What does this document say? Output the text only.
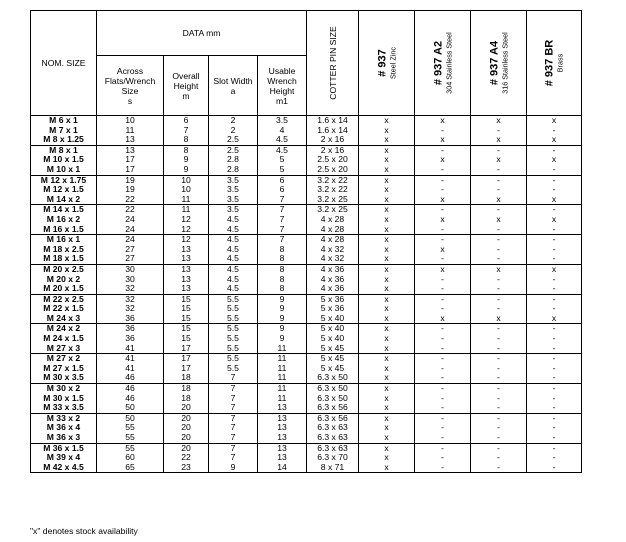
NOM. SIZE	DATA mm				COTTER PIN SIZE	# 937 Steel Zinc	# 937 A2 304 Stainless Steel	# 937 A4 316 Stainless Steel	# 937 BR Brass

	Across
Flats/Wrench
Size
s	Overall
Height
m	Slot Width
a	Usable
Wrench
Height
m1					
M 6 x 1	10	6	2	3.5	1.6 x 14	x	x	x	x
M 7 x 1	11	7	2	4	1.6 x 14	x	-	-	-
M 8 x 1.25	13	8	2.5	4.5	2 x 16	x	x	x	x
M 8 x 1	13	8	2.5	4.5	2 x 16	x	-	-	-
M 10 x 1.5	17	9	2.8	5	2.5 x 20	x	x	x	x
M 10 x 1	17	9	2.8	5	2.5 x 20	x	-	-	-
M 12 x 1.75	19	10	3.5	6	3.2 x 22	x	-	-	-
M 12 x 1.5	19	10	3.5	6	3.2 x 22	x	-	-	-
M 14 x 2	22	11	3.5	7	3.2 x 25	x	x	x	x
M 14 x 1.5	22	11	3.5	7	3.2 x 25	x	-	-	-
M 16 x 2	24	12	4.5	7	4 x 28	x	x	x	x
M 16 x 1.5	24	12	4.5	7	4 x 28	x	-	-	-
M 16 x 1	24	12	4.5	7	4 x 28	x	-	-	-
M 18 x 2.5	27	13	4.5	8	4 x 32	x	x	-	-
M 18 x 1.5	27	13	4.5	8	4 x 32	x	-	-	-
M 20 x 2.5	30	13	4.5	8	4 x 36	x	x	x	x
M 20 x 2	30	13	4.5	8	4 x 36	x	-	-	-
M 20 x 1.5	32	13	4.5	8	4 x 36	x	-	-	-
M 22 x 2.5	32	15	5.5	9	5 x 36	x	-	-	-
M 22 x 1.5	32	15	5.5	9	5 x 36	x	-	-	-
M 24 x 3	36	15	5.5	9	5 x 40	x	x	x	x
M 24 x 2	36	15	5.5	9	5 x 40	x	-	-	-
M 24 x 1.5	36	15	5.5	9	5 x 40	x	-	-	-
M 27 x 3	41	17	5.5	11	5 x 45	x	-	-	-
M 27 x 2	41	17	5.5	11	5 x 45	x	-	-	-
M 27 x 1.5	41	17	5.5	11	5 x 45	x	-	-	-
M 30 x 3.5	46	18	7	11	6.3 x 50	x	-	-	-
M 30 x 2	46	18	7	11	6.3 x 50	x	-	-	-
M 30 x 1.5	46	18	7	11	6.3 x 50	x	-	-	-
M 33 x 3.5	50	20	7	13	6.3 x 56	x	-	-	-
M 33 x 2	50	20	7	13	6.3 x 56	x	-	-	-
M 36 x 4	55	20	7	13	6.3 x 63	x	-	-	-
M 36 x 3	55	20	7	13	6.3 x 63	x	-	-	-
M 36 x 1.5	55	20	7	13	6.3 x 63	x	-	-	-
M 39 x 4	60	22	7	13	6.3 x 70	x	-	-	-
M 42 x 4.5	65	23	9	14	8 x 71	x	-	-	-
"x" denotes stock availability
